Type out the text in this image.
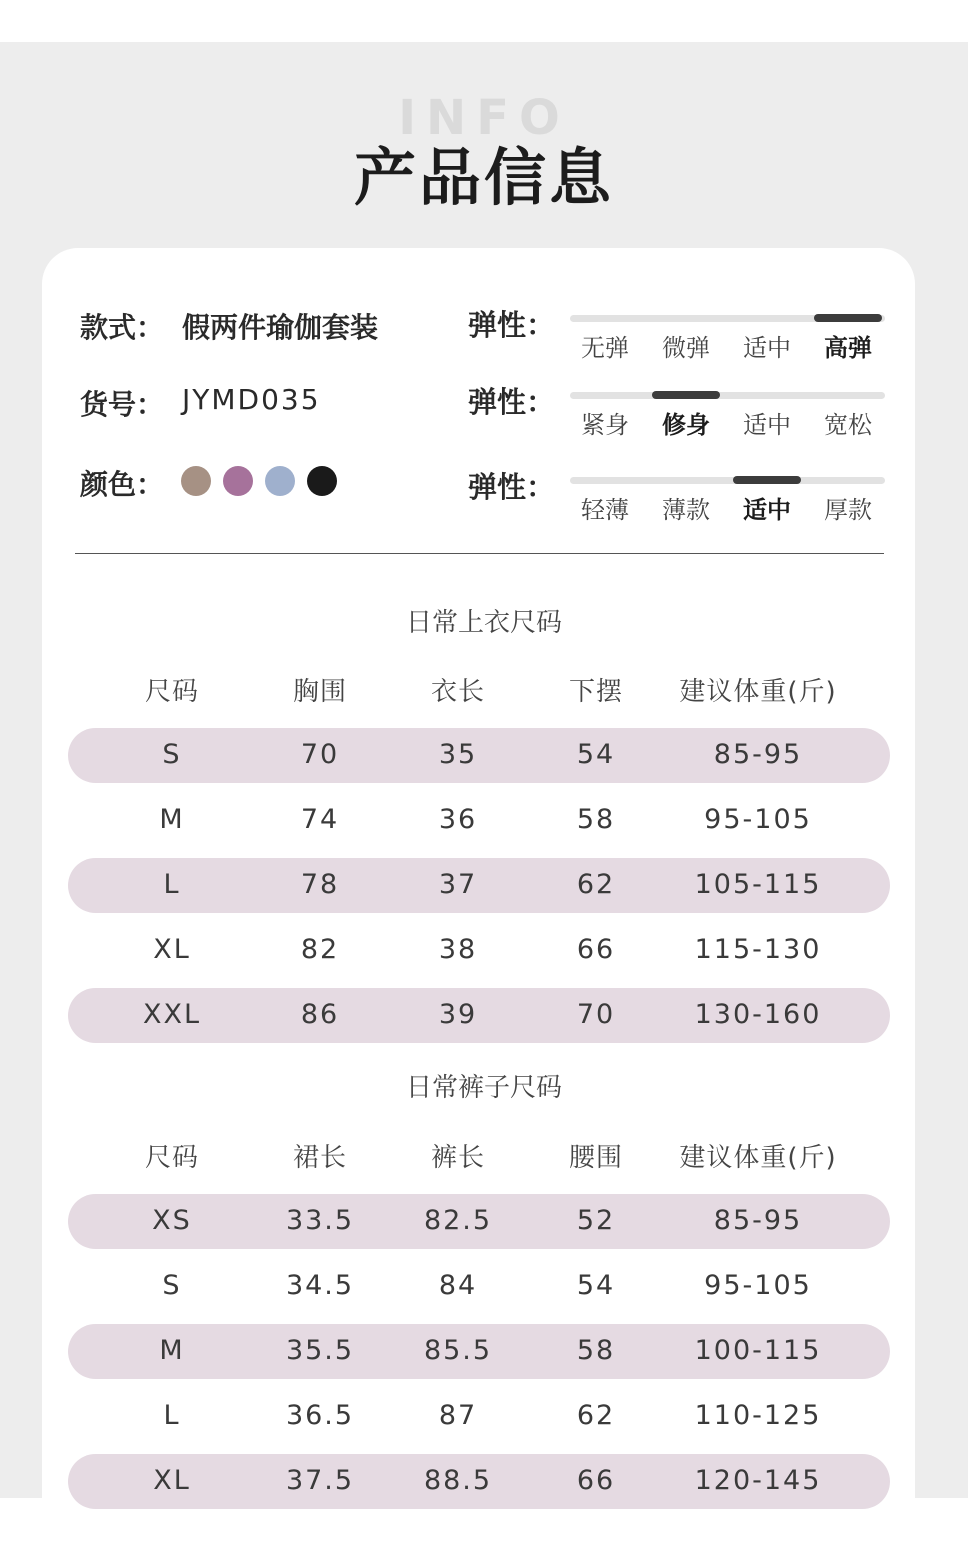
INFO
产品信息
款式： 假两件瑜伽套装
货号： JYMD035
颜色：
弹性：
无弹	微弹	适中	高弹
弹性：
紧身	修身	适中	宽松
弹性：
轻薄	薄款	适中	厚款
尺码	胸围	衣长	下摆	建议体重(斤)
S	70	35	54	85-95
M	74	36	58	95-105
L	78	37	62	105-115
XL	82	38	66	115-130
XXL	86	39	70	130-160
日常上衣尺码
尺码	裙长	裤长	腰围	建议体重(斤)
XS	33.5	82.5	52	85-95
S	34.5	84	54	95-105
M	35.5	85.5	58	100-115
L	36.5	87	62	110-125
XL	37.5	88.5	66	120-145
日常裤子尺码
